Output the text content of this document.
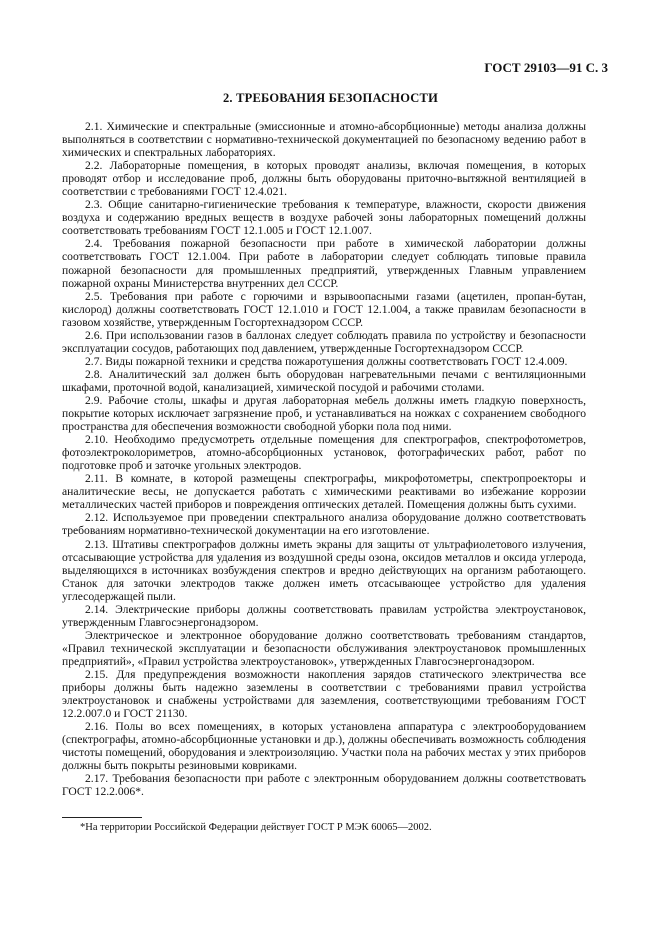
ГОСТ 29103—91 С. 3
2. ТРЕБОВАНИЯ БЕЗОПАСНОСТИ

2.1. Химические и спектральные (эмиссионные и атомно-абсорбционные) методы анализа должны выполняться в соответствии с нормативно-технической документацией по безопасному ведению работ в химических и спектральных лабораториях.

2.2. Лабораторные помещения, в которых проводят анализы, включая помещения, в которых проводят отбор и исследование проб, должны быть оборудованы приточно-вытяжной вентиляцией в соответствии с требованиями ГОСТ 12.4.021.

2.3. Общие санитарно-гигиенические требования к температуре, влажности, скорости движения воздуха и содержанию вредных веществ в воздухе рабочей зоны лабораторных помещений должны соответствовать требованиям ГОСТ 12.1.005 и ГОСТ 12.1.007.

2.4. Требования пожарной безопасности при работе в химической лаборатории должны соответствовать ГОСТ 12.1.004. При работе в лаборатории следует соблюдать типовые правила пожарной безопасности для промышленных предприятий, утвержденных Главным управлением пожарной охраны Министерства внутренних дел СССР.

2.5. Требования при работе с горючими и взрывоопасными газами (ацетилен, пропан-бутан, кислород) должны соответствовать ГОСТ 12.1.010 и ГОСТ 12.1.004, а также правилам безопасности в газовом хозяйстве, утвержденным Госгортехнадзором СССР.

2.6. При использовании газов в баллонах следует соблюдать правила по устройству и безопасности эксплуатации сосудов, работающих под давлением, утвержденные Госгортехнадзором СССР.

2.7. Виды пожарной техники и средства пожаротушения должны соответствовать ГОСТ 12.4.009.

2.8. Аналитический зал должен быть оборудован нагревательными печами с вентиляционными шкафами, проточной водой, канализацией, химической посудой и рабочими столами.

2.9. Рабочие столы, шкафы и другая лабораторная мебель должны иметь гладкую поверхность, покрытие которых исключает загрязнение проб, и устанавливаться на ножках с сохранением свободного пространства для обеспечения возможности свободной уборки пола под ними.

2.10. Необходимо предусмотреть отдельные помещения для спектрографов, спектрофотометров, фотоэлектроколориметров, атомно-абсорбционных установок, фотографических работ, работ по подготовке проб и заточке угольных электродов.

2.11. В комнате, в которой размещены спектрографы, микрофотометры, спектропроекторы и аналитические весы, не допускается работать с химическими реактивами во избежание коррозии металлических частей приборов и повреждения оптических деталей. Помещения должны быть сухими.

2.12. Используемое при проведении спектрального анализа оборудование должно соответствовать требованиям нормативно-технической документации на его изготовление.

2.13. Штативы спектрографов должны иметь экраны для защиты от ультрафиолетового излучения, отсасывающие устройства для удаления из воздушной среды озона, оксидов металлов и оксида углерода, выделяющихся в источниках возбуждения спектров и вредно действующих на организм работающего. Станок для заточки электродов также должен иметь отсасывающее устройство для удаления углесодержащей пыли.

2.14. Электрические приборы должны соответствовать правилам устройства электроустановок, утвержденным Главгосэнергонадзором.

Электрическое и электронное оборудование должно соответствовать требованиям стандартов, «Правил технической эксплуатации и безопасности обслуживания электроустановок промышленных предприятий», «Правил устройства электроустановок», утвержденных Главгосэнергонадзором.

2.15. Для предупреждения возможности накопления зарядов статического электричества все приборы должны быть надежно заземлены в соответствии с требованиями правил устройства электроустановок и снабжены устройствами для заземления, соответствующими требованиям ГОСТ 12.2.007.0 и ГОСТ 21130.

2.16. Полы во всех помещениях, в которых установлена аппаратура с электрооборудованием (спектрографы, атомно-абсорбционные установки и др.), должны обеспечивать возможность соблюдения чистоты помещений, оборудования и электроизоляцию. Участки пола на рабочих местах у этих приборов должны быть покрыты резиновыми ковриками.

2.17. Требования безопасности при работе с электронным оборудованием должны соответствовать ГОСТ 12.2.006*.

*На территории Российской Федерации действует ГОСТ Р МЭК 60065—2002.
